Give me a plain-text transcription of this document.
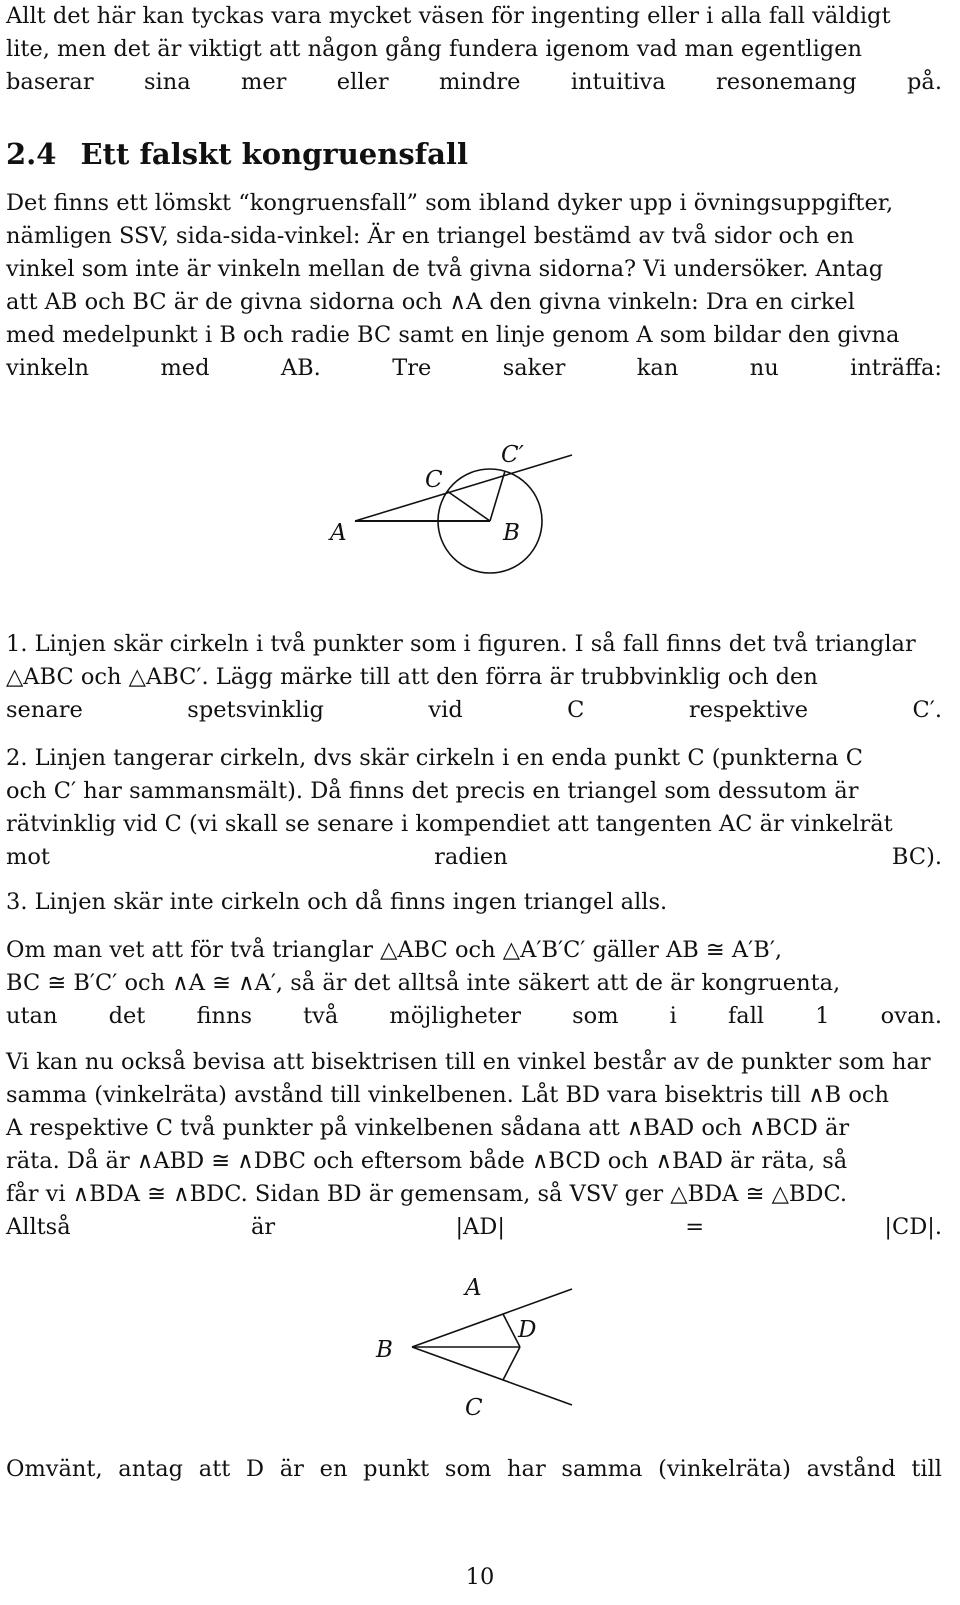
Allt det här kan tyckas vara mycket väsen för ingenting eller i alla fall väldigt
lite, men det är viktigt att någon gång fundera igenom vad man egentligen
baserar sina mer eller mindre intuitiva resonemang på.
2.4 Ett falskt kongruensfall
Det finns ett lömskt “kongruensfall” som ibland dyker upp i övningsuppgifter,
nämligen SSV, sida-sida-vinkel: Är en triangel bestämd av två sidor och en
vinkel som inte är vinkeln mellan de två givna sidorna? Vi undersöker. Antag
att AB och BC är de givna sidorna och ∧A den givna vinkeln: Dra en cirkel
med medelpunkt i B och radie BC samt en linje genom A som bildar den givna
vinkeln med AB. Tre saker kan nu inträffa:
A	B
C
C′
1. Linjen skär cirkeln i två punkter som i figuren. I så fall finns det två trianglar
△ABC och △ABC′. Lägg märke till att den förra är trubbvinklig och den
senare spetsvinklig vid C respektive C′.
2. Linjen tangerar cirkeln, dvs skär cirkeln i en enda punkt C (punkterna C
och C′ har sammansmält). Då finns det precis en triangel som dessutom är
rätvinklig vid C (vi skall se senare i kompendiet att tangenten AC är vinkelrät
mot radien BC).
3. Linjen skär inte cirkeln och då finns ingen triangel alls.
Om man vet att för två trianglar △ABC och △A′B′C′ gäller AB ≅ A′B′,
BC ≅ B′C′ och ∧A ≅ ∧A′, så är det alltså inte säkert att de är kongruenta,
utan det finns två möjligheter som i fall 1 ovan.
Vi kan nu också bevisa att bisektrisen till en vinkel består av de punkter som har
samma (vinkelräta) avstånd till vinkelbenen. Låt BD vara bisektris till ∧B och
A respektive C två punkter på vinkelbenen sådana att ∧BAD och ∧BCD är
räta. Då är ∧ABD ≅ ∧DBC och eftersom både ∧BCD och ∧BAD är räta, så
får vi ∧BDA ≅ ∧BDC. Sidan BD är gemensam, så VSV ger △BDA ≅ △BDC.
Alltså är |AD| = |CD|.
A
B
C
D
Omvänt, antag att D är en punkt som har samma (vinkelräta) avstånd till
10
